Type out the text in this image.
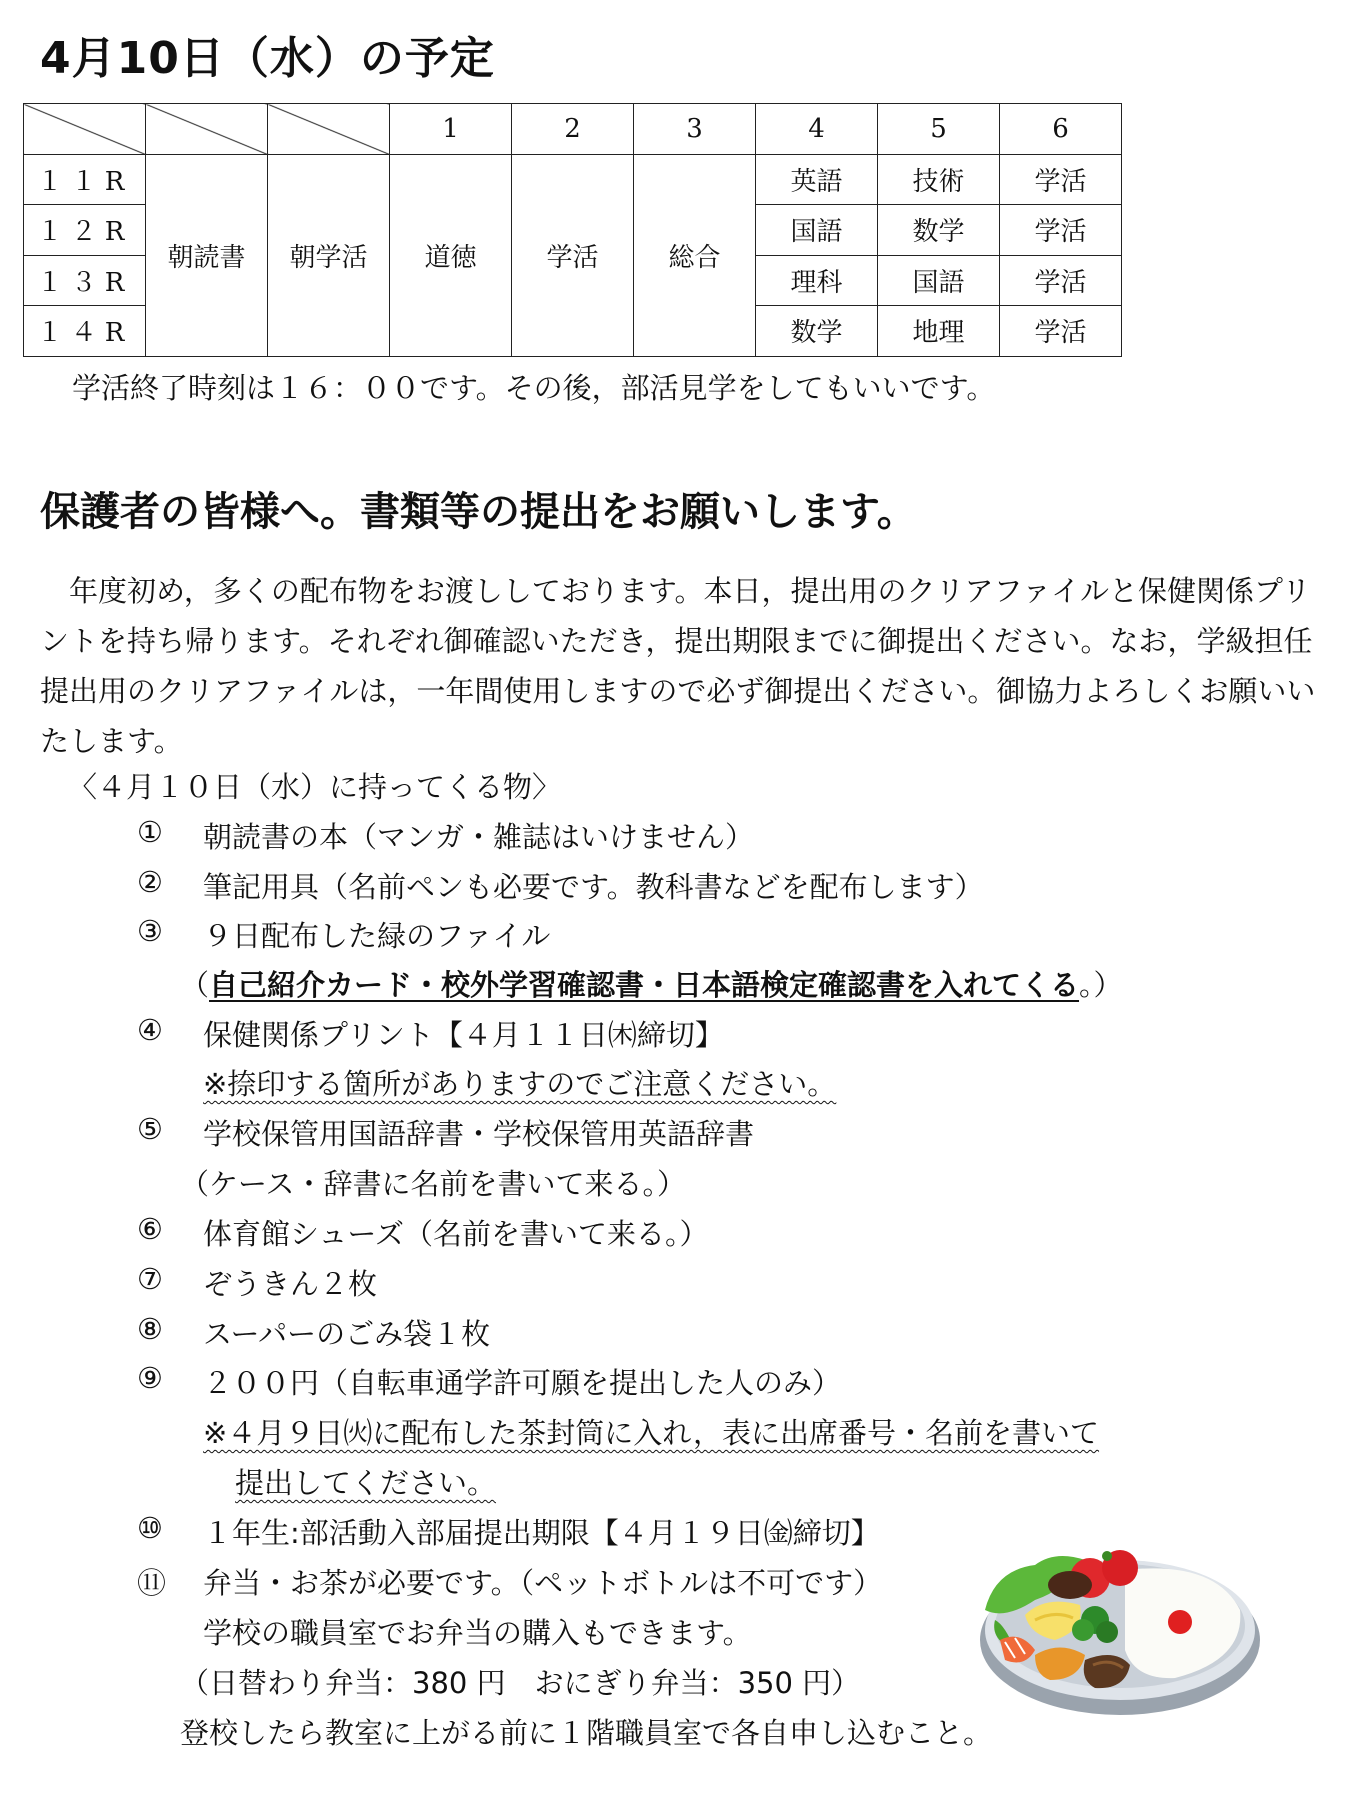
4月10日（水）の予定
			1	2	3	4	5	6
１１R	朝読書	朝学活	道徳	学活	総合	英語	技術	学活
１２R						国語	数学	学活
１３R						理科	国語	学活
１４R						数学	地理	学活
学活終了時刻は１６：００です。その後，部活見学をしてもいいです。
保護者の皆様へ。書類等の提出をお願いします。

 年度初め，多くの配布物をお渡ししております。本日，提出用のクリアファイルと保健関係プリントを持ち帰ります。それぞれ御確認いただき，提出期限までに御提出ください。なお，学級担任提出用のクリアファイルは，一年間使用しますので必ず御提出ください。御協力よろしくお願いいたします。

〈４月１０日（水）に持ってくる物〉
① 朝読書の本（マンガ・雑誌はいけません）
② 筆記用具（名前ペンも必要です。教科書などを配布します）
③ ９日配布した緑のファイル
（自己紹介カード・校外学習確認書・日本語検定確認書を入れてくる。）
④ 保健関係プリント【４月１１日㈭締切】
※捺印する箇所がありますのでご注意ください。
⑤ 学校保管用国語辞書・学校保管用英語辞書
（ケース・辞書に名前を書いて来る。）
⑥ 体育館シューズ（名前を書いて来る。）
⑦ ぞうきん２枚
⑧ スーパーのごみ袋１枚
⑨ ２００円（自転車通学許可願を提出した人のみ）
※４月９日㈫に配布した茶封筒に入れ，表に出席番号・名前を書いて
提出してください。
⑩ １年生:部活動入部届提出期限【４月１９日㈮締切】
⑪ 弁当・お茶が必要です。（ペットボトルは不可です）
学校の職員室でお弁当の購入もできます。
（日替わり弁当：380 円　おにぎり弁当：350 円）
登校したら教室に上がる前に１階職員室で各自申し込むこと。
